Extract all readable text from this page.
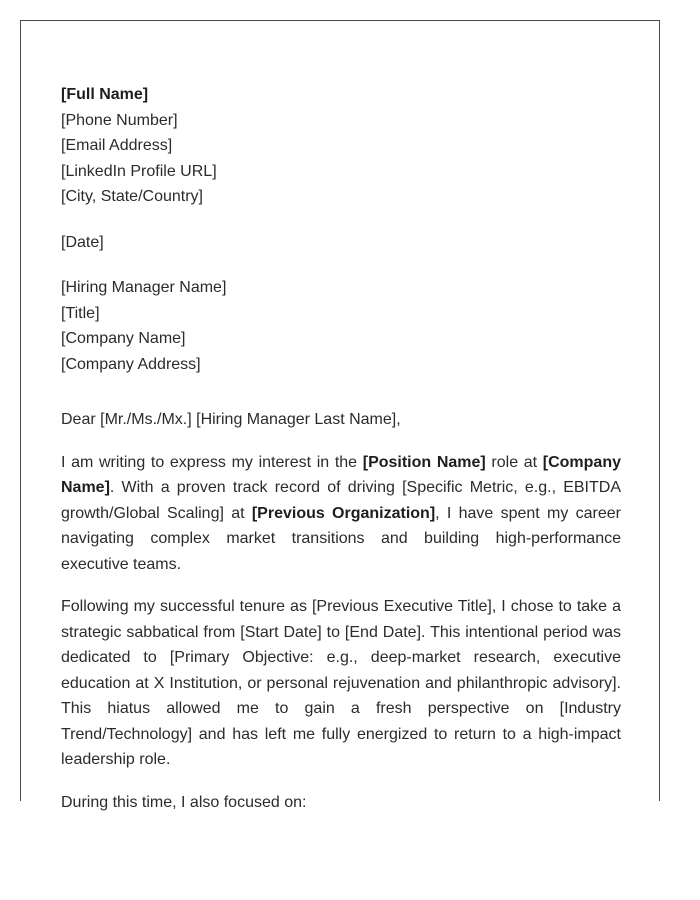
[Full Name]
[Phone Number]
[Email Address]
[LinkedIn Profile URL]
[City, State/Country]
[Date]
[Hiring Manager Name]
[Title]
[Company Name]
[Company Address]
Dear [Mr./Ms./Mx.] [Hiring Manager Last Name],

I am writing to express my interest in the [Position Name] role at [Company Name]. With a proven track record of driving [Specific Metric, e.g., EBITDA growth/Global Scaling] at [Previous Organization], I have spent my career navigating complex market transitions and building high-performance executive teams.

Following my successful tenure as [Previous Executive Title], I chose to take a strategic sabbatical from [Start Date] to [End Date]. This intentional period was dedicated to [Primary Objective: e.g., deep-market research, executive education at X Institution, or personal rejuvenation and philanthropic advisory]. This hiatus allowed me to gain a fresh perspective on [Industry Trend/Technology] and has left me fully energized to return to a high-impact leadership role.

During this time, I also focused on:
